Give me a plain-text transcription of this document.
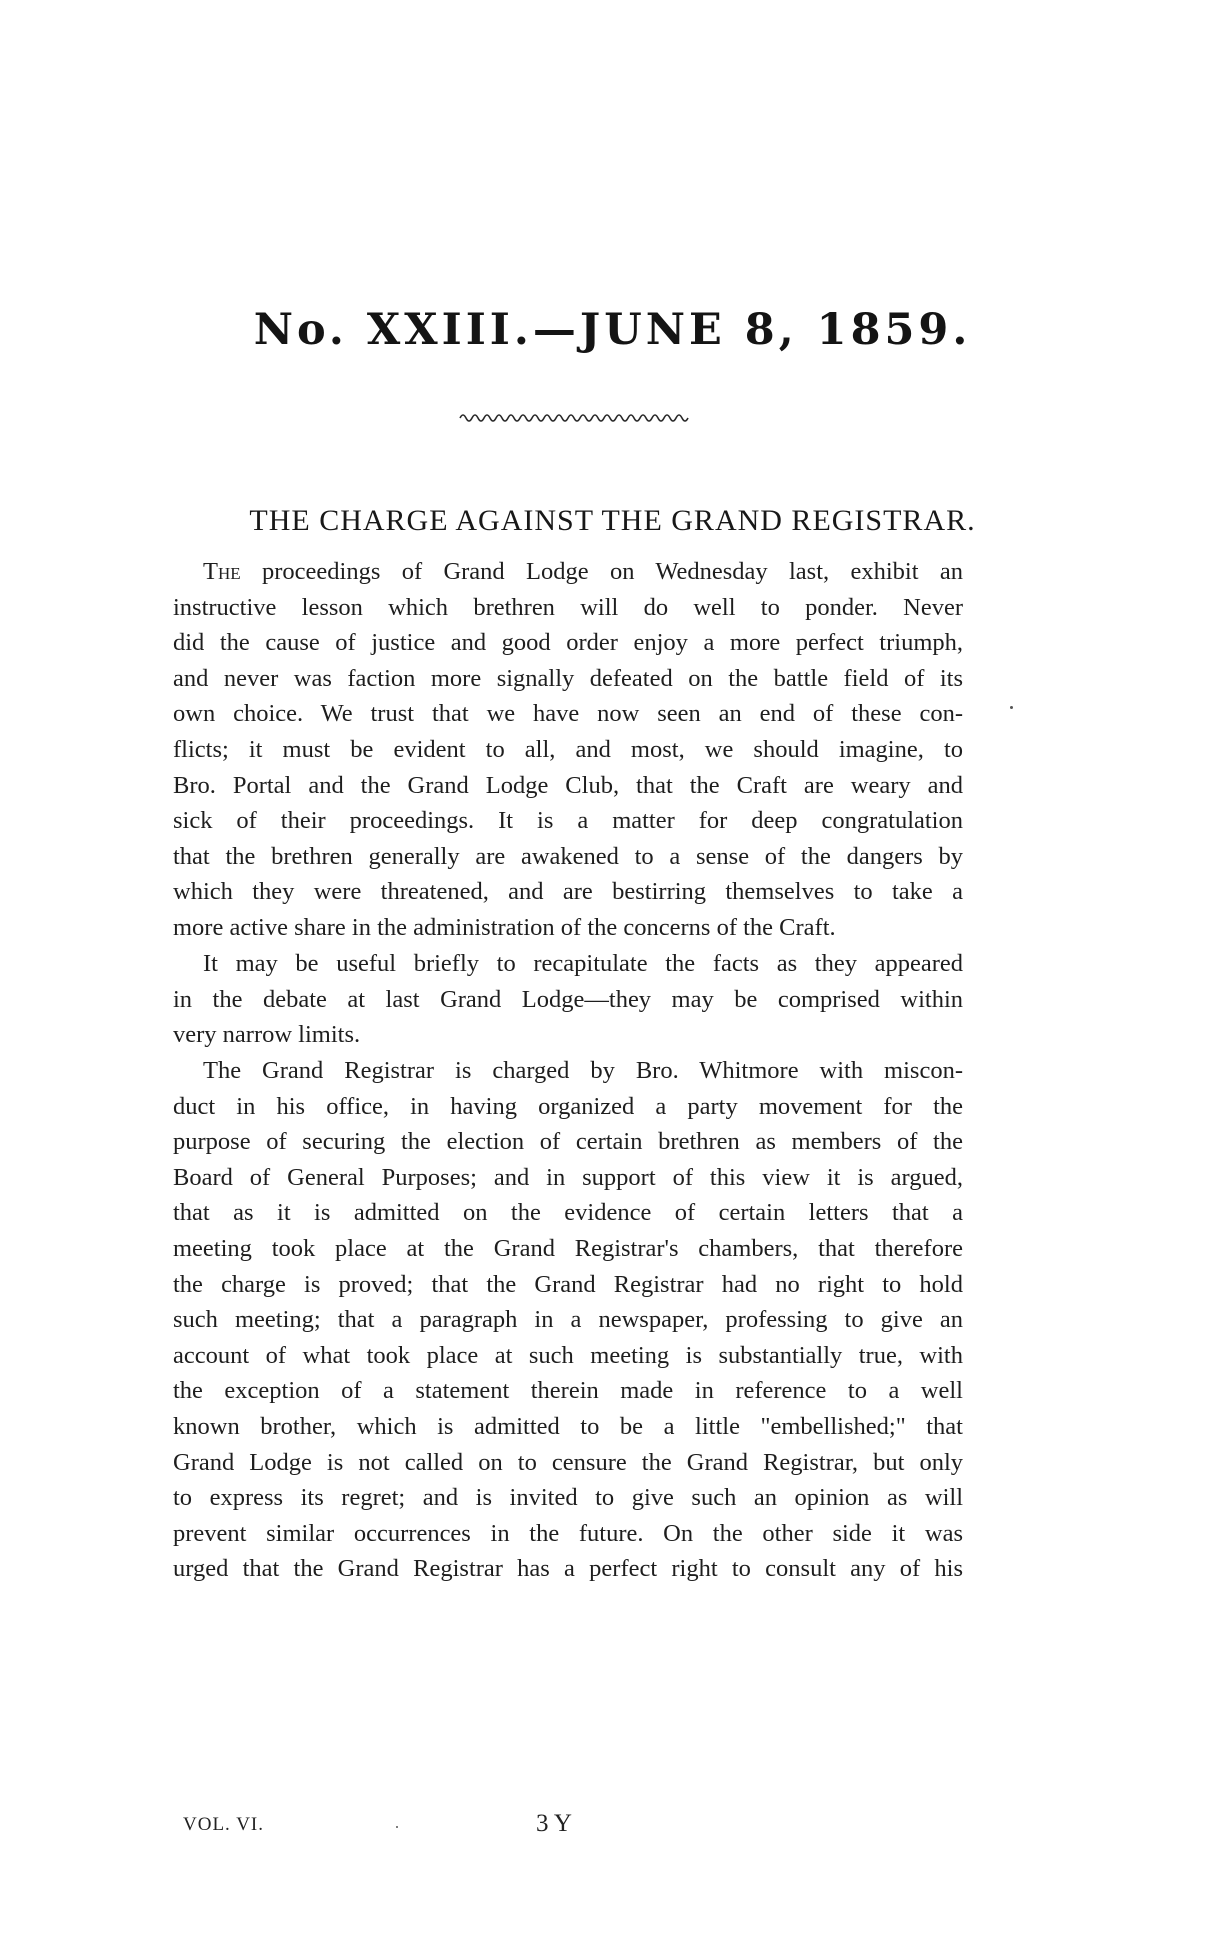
No. XXIII.—JUNE 8, 1859.
THE CHARGE AGAINST THE GRAND REGISTRAR.
The proceedings of Grand Lodge on Wednesday last, exhibit an
instructive lesson which brethren will do well to ponder. Never
did the cause of justice and good order enjoy a more perfect triumph,
and never was faction more signally defeated on the battle field of its
own choice. We trust that we have now seen an end of these con-
flicts; it must be evident to all, and most, we should imagine, to
Bro. Portal and the Grand Lodge Club, that the Craft are weary and
sick of their proceedings. It is a matter for deep congratulation
that the brethren generally are awakened to a sense of the dangers by
which they were threatened, and are bestirring themselves to take a
more active share in the administration of the concerns of the Craft.
It may be useful briefly to recapitulate the facts as they appeared
in the debate at last Grand Lodge—they may be comprised within
very narrow limits.
The Grand Registrar is charged by Bro. Whitmore with miscon-
duct in his office, in having organized a party movement for the
purpose of securing the election of certain brethren as members of the
Board of General Purposes; and in support of this view it is argued,
that as it is admitted on the evidence of certain letters that a
meeting took place at the Grand Registrar's chambers, that therefore
the charge is proved; that the Grand Registrar had no right to hold
such meeting; that a paragraph in a newspaper, professing to give an
account of what took place at such meeting is substantially true, with
the exception of a statement therein made in reference to a well
known brother, which is admitted to be a little "embellished;" that
Grand Lodge is not called on to censure the Grand Registrar, but only
to express its regret; and is invited to give such an opinion as will
prevent similar occurrences in the future. On the other side it was
urged that the Grand Registrar has a perfect right to consult any of his
VOL. VI.	3 Y
